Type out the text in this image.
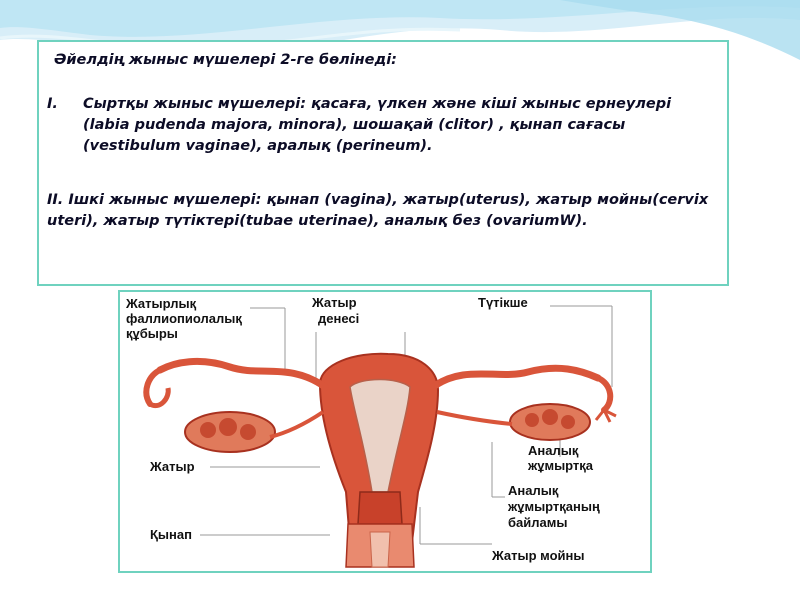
Әйелдің жыныс мүшелері 2-ге бөлінеді:
I.	Сыртқы жыныс мүшелері: қасаға, үлкен және кіші жыныс ернеулері (labia pudenda majora, minora), шошақай (clitor) , қынап сағасы (vestibulum vaginae), аралық (perineum).
II. Ішкі жыныс мүшелері: қынап (vagina), жатыр(uterus), жатыр мойны(cervix uteri), жатыр түтіктері(tubae uterinae), аналық без (ovariumW).
Жатырлық
фаллиопиолалық
құбыры
Жатыр
денесі
Түтікше
Жатыр
Аналық
жұмыртқа
Аналық
жұмыртқаның
байламы
Қынап
Жатыр мойны
